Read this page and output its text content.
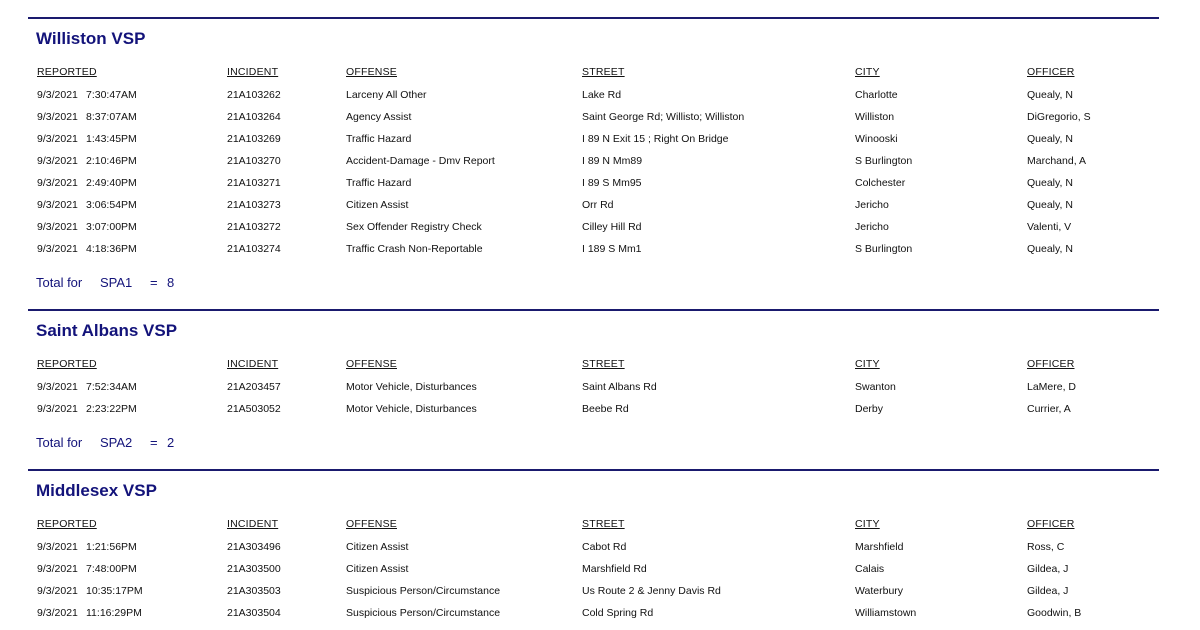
Williston VSP
REPORTED	INCIDENT	OFFENSE	STREET	CITY	OFFICER
9/3/2021 7:30:47AM	21A103262	Larceny All Other	Lake Rd	Charlotte	Quealy, N
9/3/2021 8:37:07AM	21A103264	Agency Assist	Saint George Rd; Willisto; Williston	Williston	DiGregorio, S
9/3/2021 1:43:45PM	21A103269	Traffic Hazard	I 89 N Exit 15 ; Right On Bridge	Winooski	Quealy, N
9/3/2021 2:10:46PM	21A103270	Accident-Damage - Dmv Report	I 89 N Mm89	S Burlington	Marchand, A
9/3/2021 2:49:40PM	21A103271	Traffic Hazard	I 89 S Mm95	Colchester	Quealy, N
9/3/2021 3:06:54PM	21A103273	Citizen Assist	Orr Rd	Jericho	Quealy, N
9/3/2021 3:07:00PM	21A103272	Sex Offender Registry Check	Cilley Hill Rd	Jericho	Valenti, V
9/3/2021 4:18:36PM	21A103274	Traffic Crash Non-Reportable	I 189 S Mm1	S Burlington	Quealy, N
Total for SPA1 = 8
Saint Albans VSP
REPORTED	INCIDENT	OFFENSE	STREET	CITY	OFFICER
9/3/2021 7:52:34AM	21A203457	Motor Vehicle, Disturbances	Saint Albans Rd	Swanton	LaMere, D
9/3/2021 2:23:22PM	21A503052	Motor Vehicle, Disturbances	Beebe Rd	Derby	Currier, A
Total for SPA2 = 2
Middlesex VSP
REPORTED	INCIDENT	OFFENSE	STREET	CITY	OFFICER
9/3/2021 1:21:56PM	21A303496	Citizen Assist	Cabot Rd	Marshfield	Ross, C
9/3/2021 7:48:00PM	21A303500	Citizen Assist	Marshfield Rd	Calais	Gildea, J
9/3/2021 10:35:17PM	21A303503	Suspicious Person/Circumstance	Us Route 2 & Jenny Davis Rd	Waterbury	Gildea, J
9/3/2021 11:16:29PM	21A303504	Suspicious Person/Circumstance	Cold Spring Rd	Williamstown	Goodwin, B
